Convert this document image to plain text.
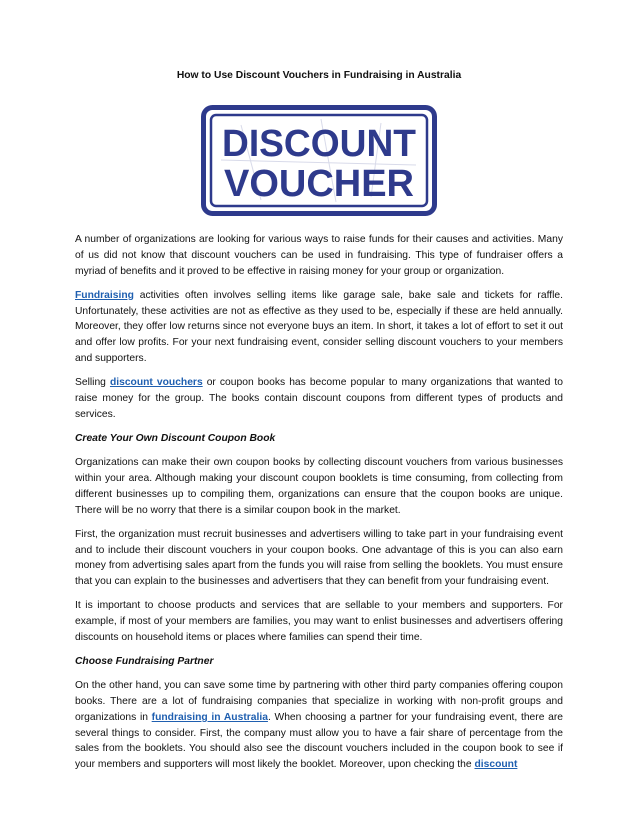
How to Use Discount Vouchers in Fundraising in Australia
DISCOUNT
VOUCHER

A number of organizations are looking for various ways to raise funds for their causes and activities. Many of us did not know that discount vouchers can be used in fundraising. This type of fundraiser offers a myriad of benefits and it proved to be effective in raising money for your group or organization.

Fundraising activities often involves selling items like garage sale, bake sale and tickets for raffle. Unfortunately, these activities are not as effective as they used to be, especially if these are held annually. Moreover, they offer low returns since not everyone buys an item. In short, it takes a lot of effort to set it out and offer low profits. For your next fundraising event, consider selling discount vouchers to your members and supporters.

Selling discount vouchers or coupon books has become popular to many organizations that wanted to raise money for the group. The books contain discount coupons from different types of products and services.

Create Your Own Discount Coupon Book

Organizations can make their own coupon books by collecting discount vouchers from various businesses within your area. Although making your discount coupon booklets is time consuming, from collecting from different businesses up to compiling them, organizations can ensure that the coupon books are unique. There will be no worry that there is a similar coupon book in the market.

First, the organization must recruit businesses and advertisers willing to take part in your fundraising event and to include their discount vouchers in your coupon books. One advantage of this is you can also earn money from advertising sales apart from the funds you will raise from selling the booklets. You must ensure that you can explain to the businesses and advertisers that they can benefit from your fundraising event.

It is important to choose products and services that are sellable to your members and supporters. For example, if most of your members are families, you may want to enlist businesses and advertisers offering discounts on household items or places where families can spend their time.

Choose Fundraising Partner

On the other hand, you can save some time by partnering with other third party companies offering coupon books. There are a lot of fundraising companies that specialize in working with non-profit groups and organizations in fundraising in Australia. When choosing a partner for your fundraising event, there are several things to consider. First, the company must allow you to have a fair share of percentage from the sales from the booklets. You should also see the discount vouchers included in the coupon book to see if your members and supporters will most likely the booklet. Moreover, upon checking the discount
